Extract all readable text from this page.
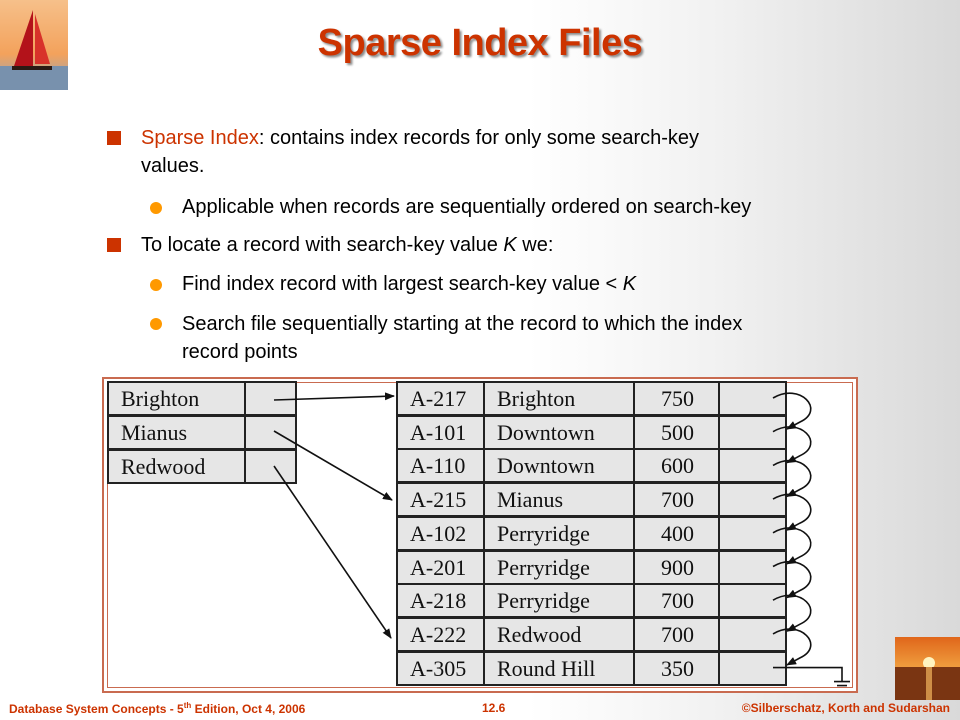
Sparse Index Files
Sparse Index: contains index records for only some search-key
values.
Applicable when records are sequentially ordered on search-key
To locate a record with search-key value K we:
Find index record with largest search-key value < K
Search file sequentially starting at the record to which the index
record points
Brighton
Mianus
Redwood
A-217	Brighton	750
A-101	Downtown	500
A-110	Downtown	600
A-215	Mianus	700
A-102	Perryridge	400
A-201	Perryridge	900
A-218	Perryridge	700
A-222	Redwood	700
A-305	Round Hill	350
Database System Concepts - 5th Edition, Oct 4, 2006	12.6	©Silberschatz, Korth and Sudarshan
